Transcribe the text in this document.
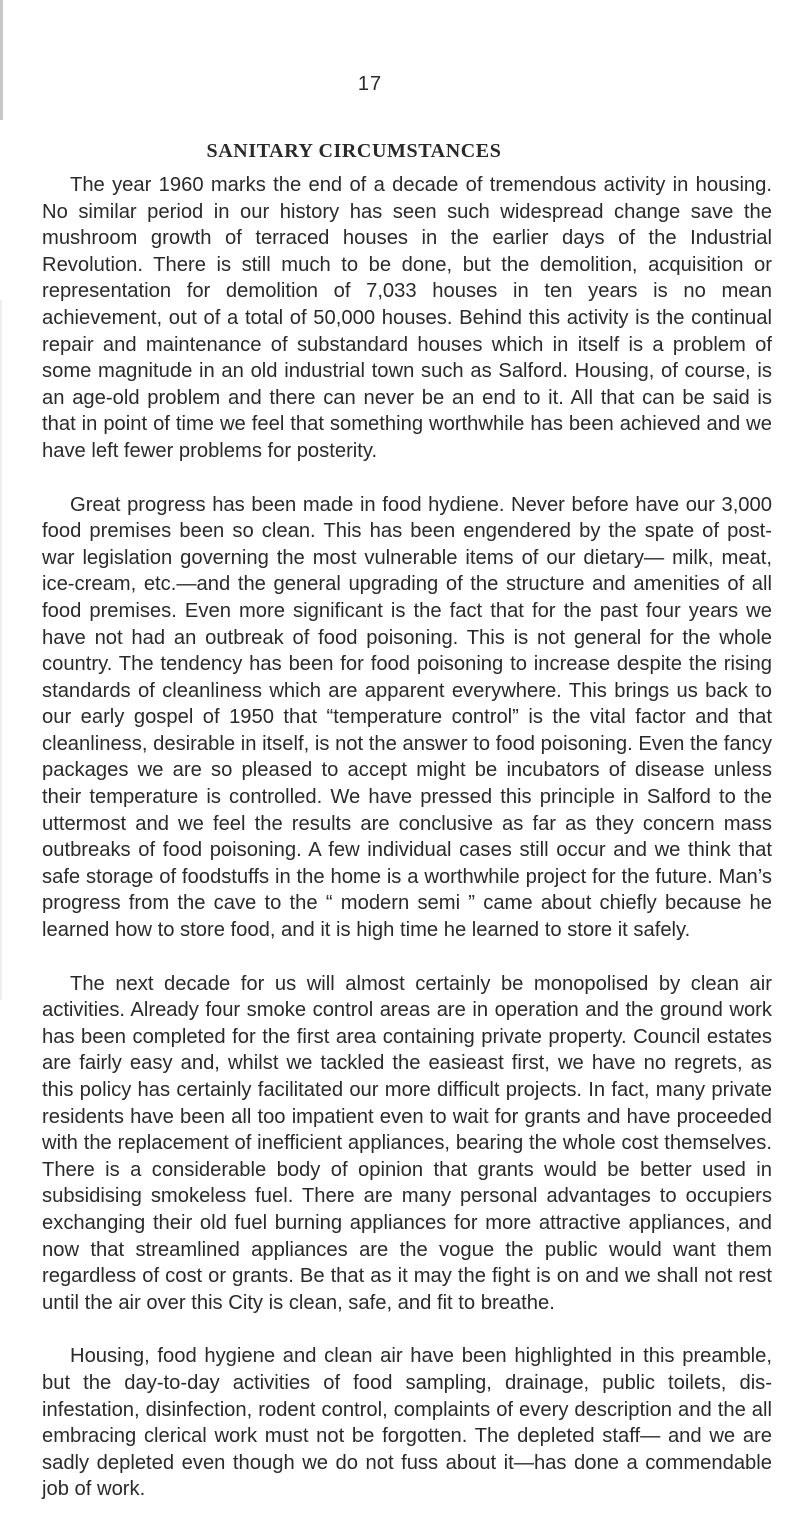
17
SANITARY CIRCUMSTANCES

The year 1960 marks the end of a decade of tremendous activity in housing. No similar period in our history has seen such widespread change save the mushroom growth of terraced houses in the earlier days of the Industrial Revolution. There is still much to be done, but the demolition, acquisition or representation for demolition of 7,033 houses in ten years is no mean achievement, out of a total of 50,000 houses. Behind this activity is the continual repair and maintenance of substandard houses which in itself is a problem of some magnitude in an old industrial town such as Salford. Housing, of course, is an age-old problem and there can never be an end to it. All that can be said is that in point of time we feel that something worthwhile has been achieved and we have left fewer problems for posterity.

Great progress has been made in food hydiene. Never before have our 3,000 food premises been so clean. This has been engendered by the spate of post-war legislation governing the most vulnerable items of our dietary— milk, meat, ice-cream, etc.—and the general upgrading of the structure and amenities of all food premises. Even more significant is the fact that for the past four years we have not had an outbreak of food poisoning. This is not general for the whole country. The tendency has been for food poisoning to increase despite the rising standards of cleanliness which are apparent everywhere. This brings us back to our early gospel of 1950 that “temperature control” is the vital factor and that cleanliness, desirable in itself, is not the answer to food poisoning. Even the fancy packages we are so pleased to accept might be incubators of disease unless their temperature is controlled. We have pressed this principle in Salford to the uttermost and we feel the results are conclusive as far as they concern mass outbreaks of food poisoning. A few individual cases still occur and we think that safe storage of foodstuffs in the home is a worthwhile project for the future. Man’s progress from the cave to the “ modern semi ” came about chiefly because he learned how to store food, and it is high time he learned to store it safely.

The next decade for us will almost certainly be monopolised by clean air activities. Already four smoke control areas are in operation and the ground work has been completed for the first area containing private property. Council estates are fairly easy and, whilst we tackled the easieast first, we have no regrets, as this policy has certainly facilitated our more difficult projects. In fact, many private residents have been all too impatient even to wait for grants and have proceeded with the replacement of inefficient appliances, bearing the whole cost themselves. There is a considerable body of opinion that grants would be better used in subsidising smokeless fuel. There are many personal advantages to occupiers exchanging their old fuel burning appliances for more attractive appliances, and now that streamlined appliances are the vogue the public would want them regardless of cost or grants. Be that as it may the fight is on and we shall not rest until the air over this City is clean, safe, and fit to breathe.

Housing, food hygiene and clean air have been highlighted in this preamble, but the day-to-day activities of food sampling, drainage, public toilets, dis-infestation, disinfection, rodent control, complaints of every description and the all embracing clerical work must not be forgotten. The depleted staff— and we are sadly depleted even though we do not fuss about it—has done a commendable job of work.
